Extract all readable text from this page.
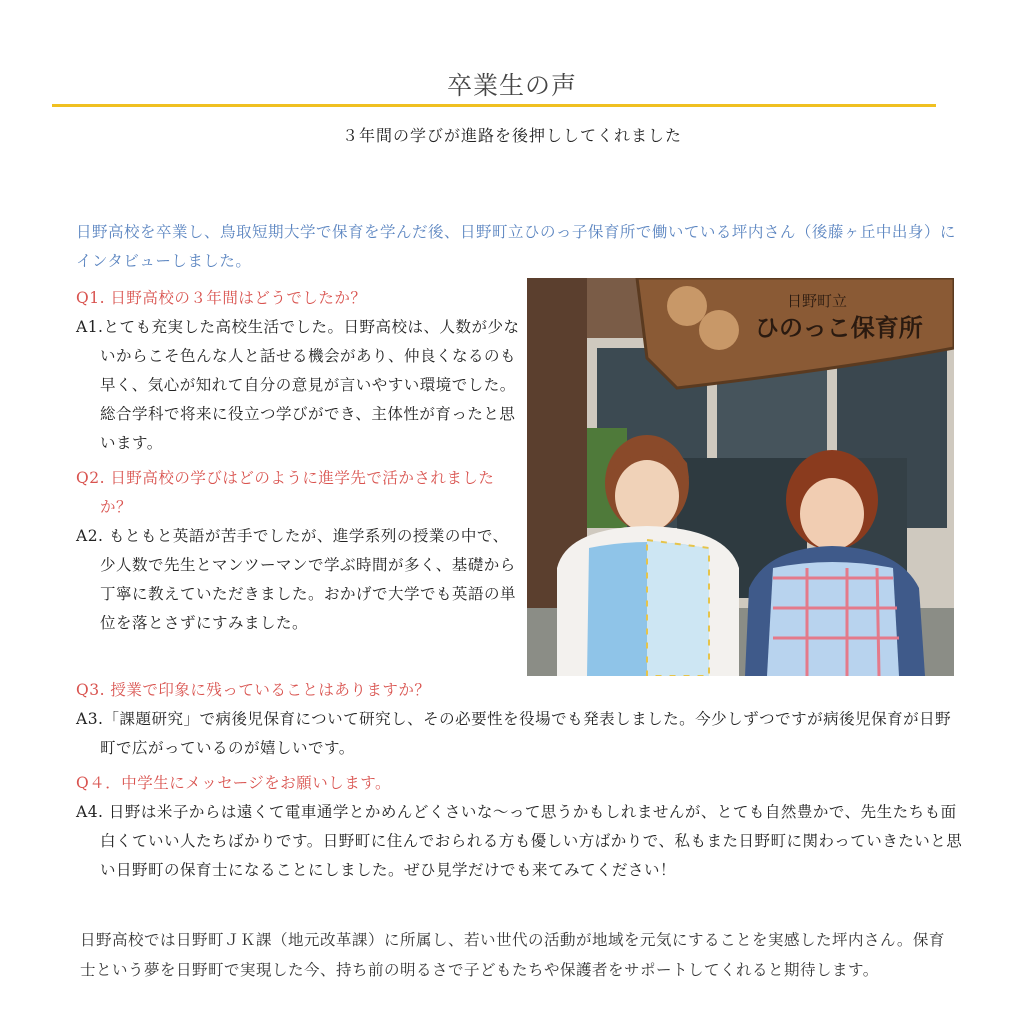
卒業生の声
３年間の学びが進路を後押ししてくれました
日野高校を卒業し、鳥取短期大学で保育を学んだ後、日野町立ひのっ子保育所で働いている坪内さん（後藤ヶ丘中出身）にインタビューしました。
日野町立
ひのっこ保育所
Q1. 日野高校の３年間はどうでしたか？
A1.とても充実した高校生活でした。日野高校は、人数が少ないからこそ色んな人と話せる機会があり、仲良くなるのも早く、気心が知れて自分の意見が言いやすい環境でした。総合学科で将来に役立つ学びができ、主体性が育ったと思います。
Q2. 日野高校の学びはどのように進学先で活かされましたか？
A2. もともと英語が苦手でしたが、進学系列の授業の中で、少人数で先生とマンツーマンで学ぶ時間が多く、基礎から丁寧に教えていただきました。おかげで大学でも英語の単位を落とさずにすみました。
Q3. 授業で印象に残っていることはありますか？
A3.「課題研究」で病後児保育について研究し、その必要性を役場でも発表しました。今少しずつですが病後児保育が日野町で広がっているのが嬉しいです。
Q４．中学生にメッセージをお願いします。
A4. 日野は米子からは遠くて電車通学とかめんどくさいな～って思うかもしれませんが、とても自然豊かで、先生たちも面白くていい人たちばかりです。日野町に住んでおられる方も優しい方ばかりで、私もまた日野町に関わっていきたいと思い日野町の保育士になることにしました。ぜひ見学だけでも来てみてください！
日野高校では日野町ＪＫ課（地元改革課）に所属し、若い世代の活動が地域を元気にすることを実感した坪内さん。保育士という夢を日野町で実現した今、持ち前の明るさで子どもたちや保護者をサポートしてくれると期待します。
